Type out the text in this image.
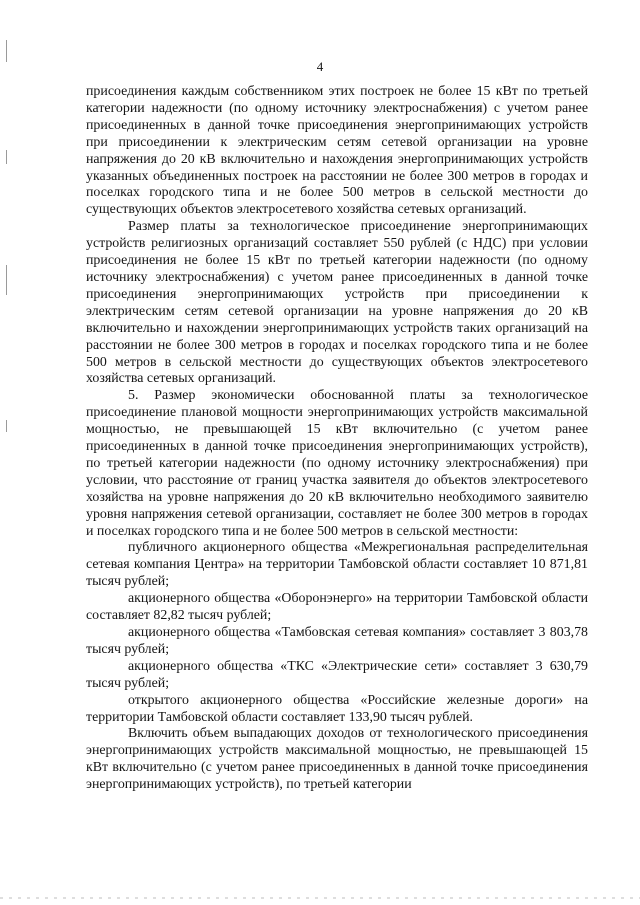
4

присоединения каждым собственником этих построек не более 15 кВт по третьей категории надежности (по одному источнику электроснабжения) с учетом ранее присоединенных в данной точке присоединения энергопринимающих устройств при присоединении к электрическим сетям сетевой организации на уровне напряжения до 20 кВ включительно и нахождения энергопринимающих устройств указанных объединенных построек на расстоянии не более 300 метров в городах и поселках городского типа и не более 500 метров в сельской местности до существующих объектов электросетевого хозяйства сетевых организаций.

Размер платы за технологическое присоединение энергопринимающих устройств религиозных организаций составляет 550 рублей (с НДС) при условии присоединения не более 15 кВт по третьей категории надежности (по одному источнику электроснабжения) с учетом ранее присоединенных в данной точке присоединения энергопринимающих устройств при присоединении к электрическим сетям сетевой организации на уровне напряжения до 20 кВ включительно и нахождении энергопринимающих устройств таких организаций на расстоянии не более 300 метров в городах и поселках городского типа и не более 500 метров в сельской местности до существующих объектов электросетевого хозяйства сетевых организаций.

5. Размер экономически обоснованной платы за технологическое присоединение плановой мощности энергопринимающих устройств максимальной мощностью, не превышающей 15 кВт включительно (с учетом ранее присоединенных в данной точке присоединения энергопринимающих устройств), по третьей категории надежности (по одному источнику электроснабжения) при условии, что расстояние от границ участка заявителя до объектов электросетевого хозяйства на уровне напряжения до 20 кВ включительно необходимого заявителю уровня напряжения сетевой организации, составляет не более 300 метров в городах и поселках городского типа и не более 500 метров в сельской местности:

публичного акционерного общества «Межрегиональная распределительная сетевая компания Центра» на территории Тамбовской области составляет 10 871,81 тысяч рублей;

акционерного общества «Оборонэнерго» на территории Тамбовской области составляет 82,82 тысяч рублей;

акционерного общества «Тамбовская сетевая компания» составляет 3 803,78 тысяч рублей;

акционерного общества «ТКС «Электрические сети» составляет 3 630,79 тысяч рублей;

открытого акционерного общества «Российские железные дороги» на территории Тамбовской области составляет 133,90 тысяч рублей.

Включить объем выпадающих доходов от технологического присоединения энергопринимающих устройств максимальной мощностью, не превышающей 15 кВт включительно (с учетом ранее присоединенных в данной точке присоединения энергопринимающих устройств), по третьей категории
